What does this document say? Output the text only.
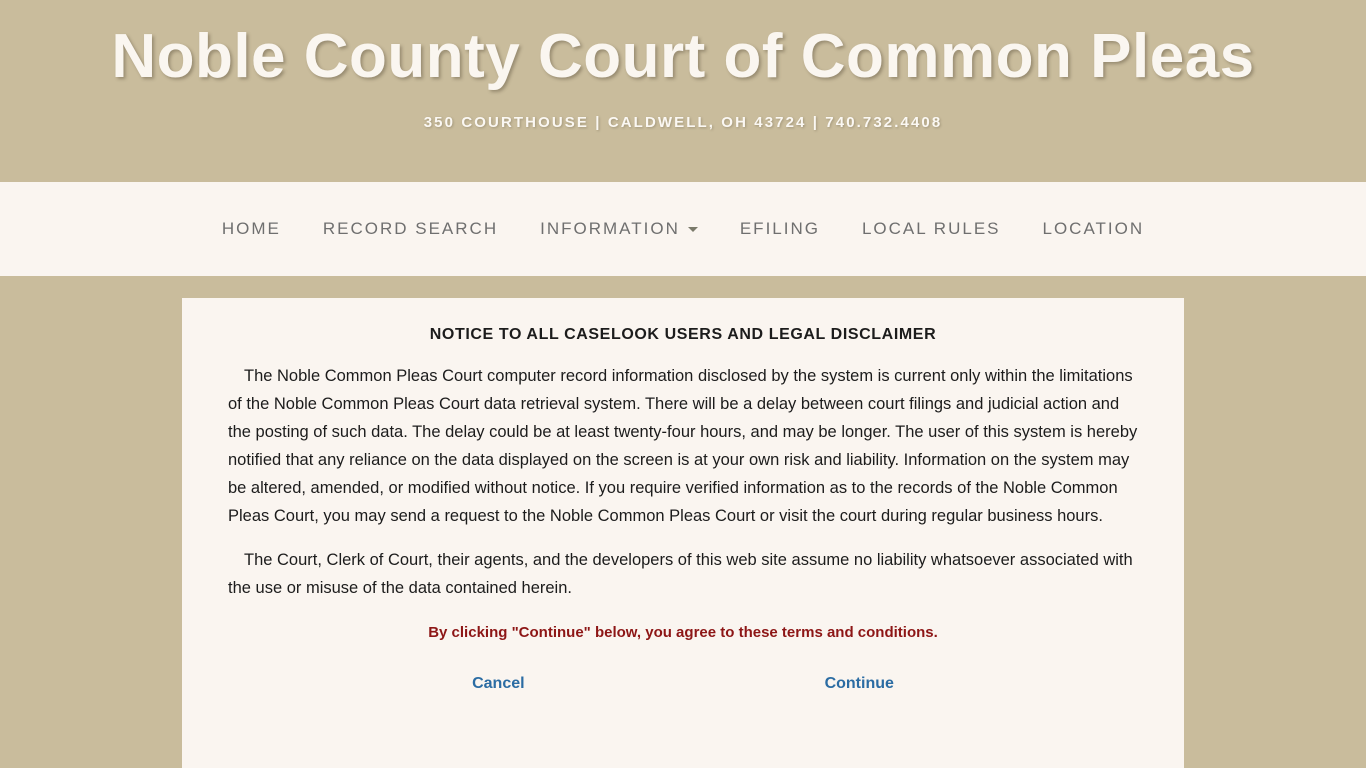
Noble County Court of Common Pleas
350 COURTHOUSE | CALDWELL, OH 43724 | 740.732.4408
HOME RECORD SEARCH INFORMATION	EFILING LOCAL RULES LOCATION
NOTICE TO ALL CASELOOK USERS AND LEGAL DISCLAIMER

The Noble Common Pleas Court computer record information disclosed by the system is current only within the limitations of the Noble Common Pleas Court data retrieval system. There will be a delay between court filings and judicial action and the posting of such data. The delay could be at least twenty-four hours, and may be longer. The user of this system is hereby notified that any reliance on the data displayed on the screen is at your own risk and liability. Information on the system may be altered, amended, or modified without notice. If you require verified information as to the records of the Noble Common Pleas Court, you may send a request to the Noble Common Pleas Court or visit the court during regular business hours.

The Court, Clerk of Court, their agents, and the developers of this web site assume no liability whatsoever associated with the use or misuse of the data contained herein.

By clicking "Continue" below, you agree to these terms and conditions.
Cancel	Continue
